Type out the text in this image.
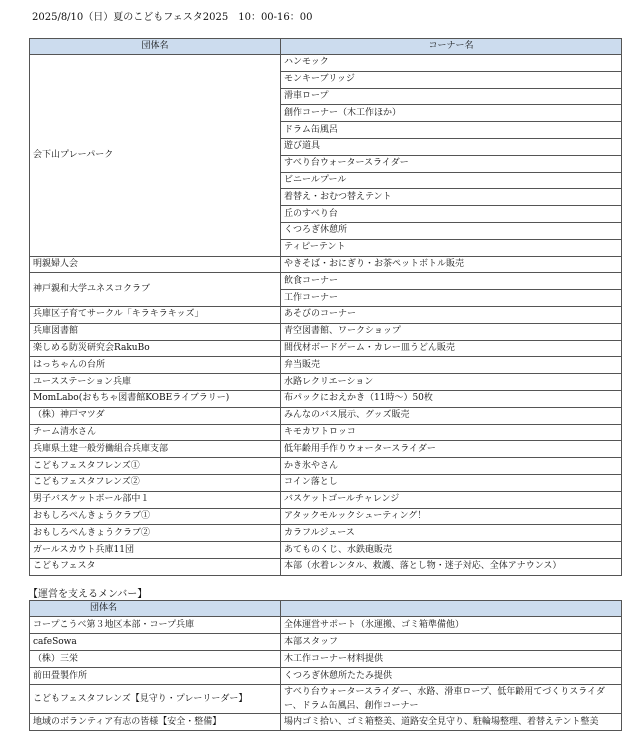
2025/8/10（日）夏のこどもフェスタ2025　10：00-16：00
団体名	コーナー名
会下山プレーパーク	ハンモック
	モンキーブリッジ
	滑車ロープ
	創作コーナー（木工作ほか）
	ドラム缶風呂
	遊び道具
	すべり台ウォータースライダー
	ビニールプール
	着替え・おむつ替えテント
	丘のすべり台
	くつろぎ休憩所
	ティピーテント
明親婦人会	やきそば・おにぎり・お茶ペットボトル販売
神戸親和大学ユネスコクラブ	飲食コーナー
	工作コーナー
兵庫区子育てサークル「キラキラキッズ」	あそびのコーナー
兵庫図書館	青空図書館、ワークショップ
楽しめる防災研究会RakuBo	間伐材ボードゲーム・カレー皿うどん販売
はっちゃんの台所	弁当販売
ユースステーション兵庫	水路レクリエーション
MomLabo(おもちゃ図書館KOBEライブラリー)	布パックにおえかき（11時〜）50枚
（株）神戸マツダ	みんなのバス展示、グッズ販売
チーム清水さん	キモカワトロッコ
兵庫県土建一般労働組合兵庫支部	低年齢用手作りウォータースライダー
こどもフェスタフレンズ①	かき氷やさん
こどもフェスタフレンズ②	コイン落とし
男子バスケットボール部中１	バスケットゴールチャレンジ
おもしろぺんきょうクラブ①	アタックモルックシューティング！
おもしろぺんきょうクラブ②	カラフルジュース
ガールスカウト兵庫11団	あてものくじ、水鉄砲販売
こどもフェスタ	本部（水着レンタル、救護、落とし物・迷子対応、全体アナウンス）
【運営を支えるメンバー】
団体名	
コープこうべ第３地区本部・コープ兵庫	全体運営サポート（氷運搬、ゴミ箱準備他）
cafeSowa	本部スタッフ
（株）三栄	木工作コーナー材料提供
前田畳製作所	くつろぎ休憩所たたみ提供
こどもフェスタフレンズ【見守り・プレーリーダー】	すべり台ウォータースライダー、水路、滑車ロープ、低年齢用てづくりスライダー、ドラム缶風呂、創作コーナー
地域のボランティア有志の皆様【安全・整備】	場内ゴミ拾い、ゴミ箱整美、道路安全見守り、駐輪場整理、着替えテント整美
